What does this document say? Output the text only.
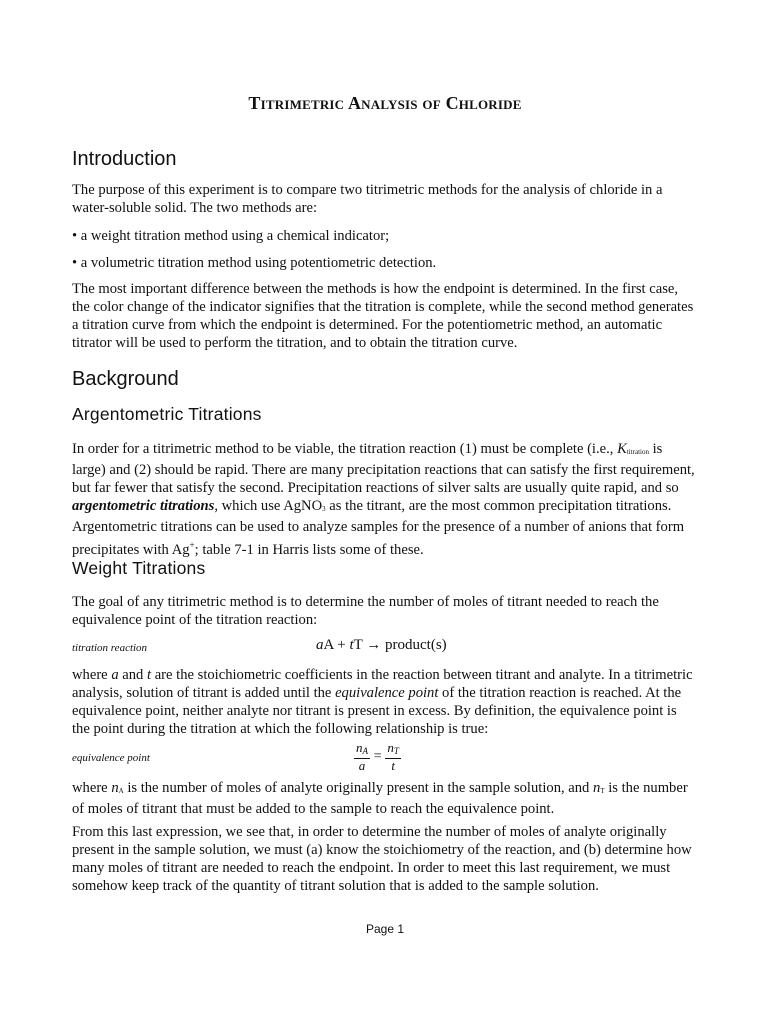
Titrimetric Analysis of Chloride
Introduction

The purpose of this experiment is to compare two titrimetric methods for the analysis of chloride in a water-soluble solid. The two methods are:

• a weight titration method using a chemical indicator;

• a volumetric titration method using potentiometric detection.

The most important difference between the methods is how the endpoint is determined. In the first case, the color change of the indicator signifies that the titration is complete, while the second method generates a titration curve from which the endpoint is determined. For the potentiometric method, an automatic titrator will be used to perform the titration, and to obtain the titration curve.

Background
Argentometric Titrations

In order for a titrimetric method to be viable, the titration reaction (1) must be complete (i.e., $K_{titration}$ is large) and (2) should be rapid. There are many precipitation reactions that can satisfy the first requirement, but far fewer that satisfy the second. Precipitation reactions of silver salts are usually quite rapid, and so argentometric titrations, which use AgNO$_3$ as the titrant, are the most common precipitation titrations. Argentometric titrations can be used to analyze samples for the presence of a number of anions that form precipitates with Ag+; table 7-1 in Harris lists some of these.

Weight Titrations

The goal of any titrimetric method is to determine the number of moles of titrant needed to reach the equivalence point of the titration reaction:

titration reaction	aA + tT → product(s)

where a and t are the stoichiometric coefficients in the reaction between titrant and analyte. In a titrimetric analysis, solution of titrant is added until the equivalence point of the titration reaction is reached. At the equivalence point, neither analyte nor titrant is present in excess. By definition, the equivalence point is the point during the titration at which the following relationship is true:

equivalence point	$\frac{n_A}{a} = \frac{n_T}{t}$

where $n_A$ is the number of moles of analyte originally present in the sample solution, and $n_T$ is the number of moles of titrant that must be added to the sample to reach the equivalence point.

From this last expression, we see that, in order to determine the number of moles of analyte originally present in the sample solution, we must (a) know the stoichiometry of the reaction, and (b) determine how many moles of titrant are needed to reach the endpoint. In order to meet this last requirement, we must somehow keep track of the quantity of titrant solution that is added to the sample solution.

Page 1
